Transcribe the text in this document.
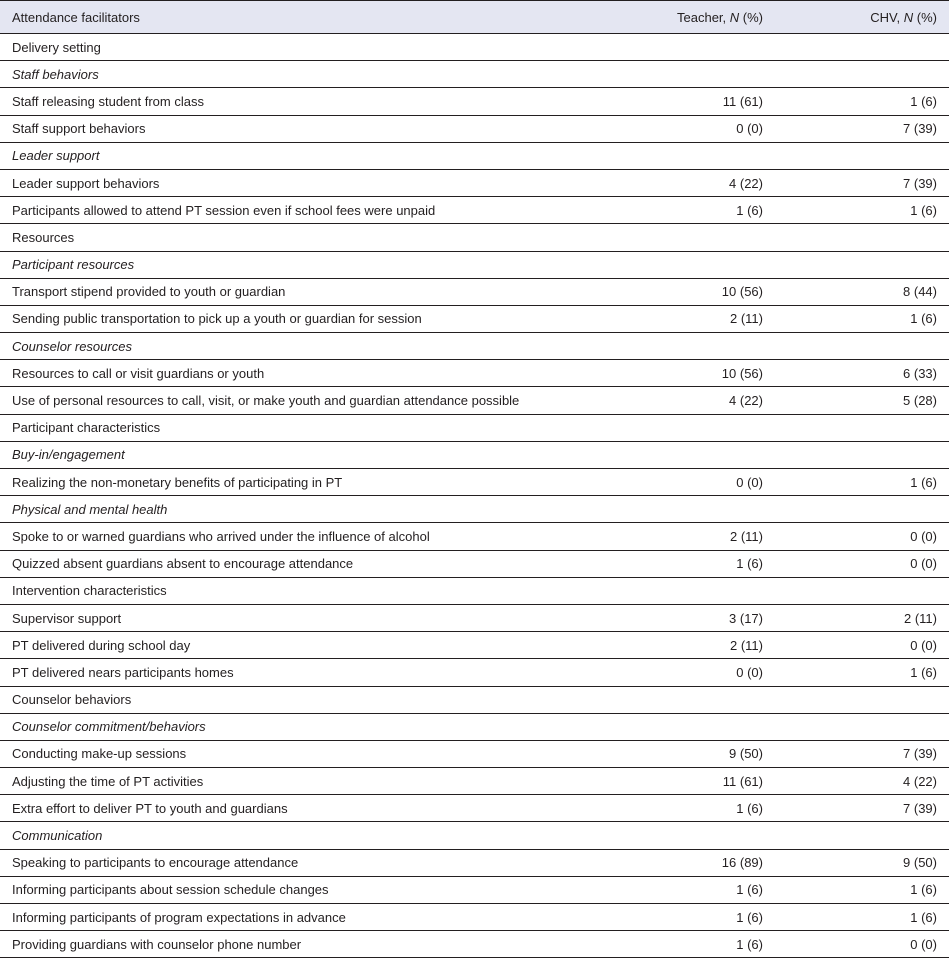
Attendance facilitators	Teacher, N (%)	CHV, N (%)
Delivery setting		
Staff behaviors		
Staff releasing student from class	11 (61)	1 (6)
Staff support behaviors	0 (0)	7 (39)
Leader support		
Leader support behaviors	4 (22)	7 (39)
Participants allowed to attend PT session even if school fees were unpaid	1 (6)	1 (6)
Resources		
Participant resources		
Transport stipend provided to youth or guardian	10 (56)	8 (44)
Sending public transportation to pick up a youth or guardian for session	2 (11)	1 (6)
Counselor resources		
Resources to call or visit guardians or youth	10 (56)	6 (33)
Use of personal resources to call, visit, or make youth and guardian attendance possible	4 (22)	5 (28)
Participant characteristics		
Buy-in/engagement		
Realizing the non-monetary benefits of participating in PT	0 (0)	1 (6)
Physical and mental health		
Spoke to or warned guardians who arrived under the influence of alcohol	2 (11)	0 (0)
Quizzed absent guardians absent to encourage attendance	1 (6)	0 (0)
Intervention characteristics		
Supervisor support	3 (17)	2 (11)
PT delivered during school day	2 (11)	0 (0)
PT delivered nears participants homes	0 (0)	1 (6)
Counselor behaviors		
Counselor commitment/behaviors		
Conducting make-up sessions	9 (50)	7 (39)
Adjusting the time of PT activities	11 (61)	4 (22)
Extra effort to deliver PT to youth and guardians	1 (6)	7 (39)
Communication		
Speaking to participants to encourage attendance	16 (89)	9 (50)
Informing participants about session schedule changes	1 (6)	1 (6)
Informing participants of program expectations in advance	1 (6)	1 (6)
Providing guardians with counselor phone number	1 (6)	0 (0)
